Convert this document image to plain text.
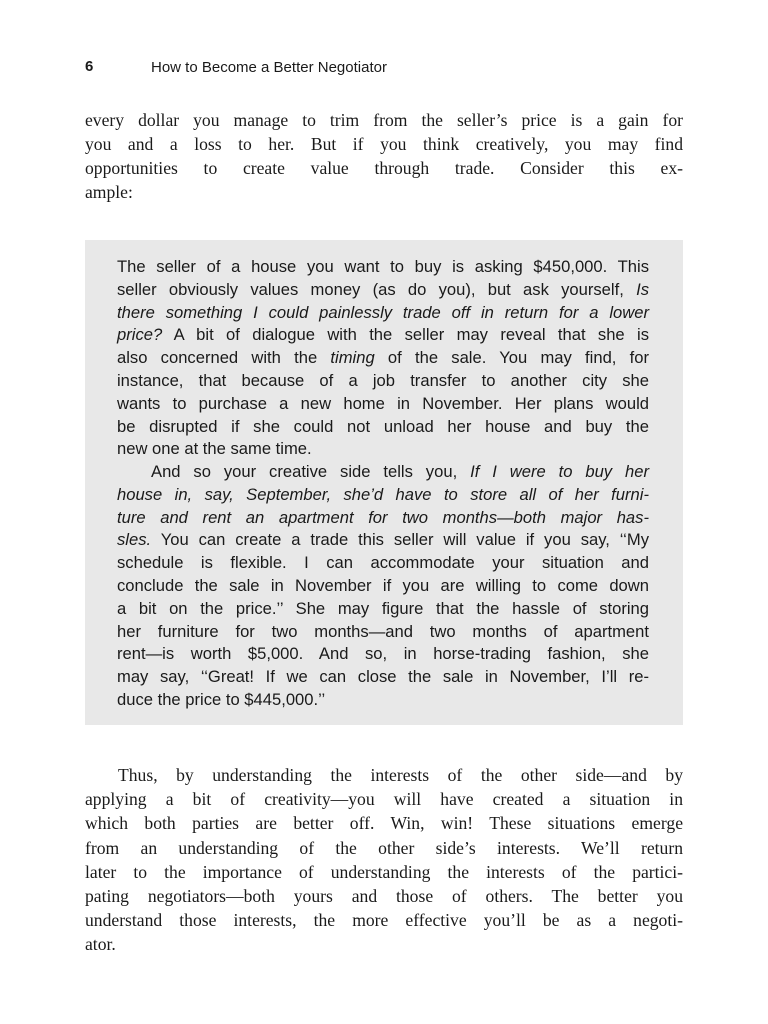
6	How to Become a Better Negotiator
every dollar you manage to trim from the seller’s price is a gain for
you and a loss to her. But if you think creatively, you may find
opportunities to create value through trade. Consider this ex-
ample:
The seller of a house you want to buy is asking $450,000. This
seller obviously values money (as do you), but ask yourself, Is
there something I could painlessly trade off in return for a lower
price? A bit of dialogue with the seller may reveal that she is
also concerned with the timing of the sale. You may find, for
instance, that because of a job transfer to another city she
wants to purchase a new home in November. Her plans would
be disrupted if she could not unload her house and buy the
new one at the same time.
And so your creative side tells you, If I were to buy her
house in, say, September, she’d have to store all of her furni-
ture and rent an apartment for two months—both major has-
sles. You can create a trade this seller will value if you say, ‘‘My
schedule is flexible. I can accommodate your situation and
conclude the sale in November if you are willing to come down
a bit on the price.’’ She may figure that the hassle of storing
her furniture for two months—and two months of apartment
rent—is worth $5,000. And so, in horse-trading fashion, she
may say, ‘‘Great! If we can close the sale in November, I’ll re-
duce the price to $445,000.’’
Thus, by understanding the interests of the other side—and by
applying a bit of creativity—you will have created a situation in
which both parties are better off. Win, win! These situations emerge
from an understanding of the other side’s interests. We’ll return
later to the importance of understanding the interests of the partici-
pating negotiators—both yours and those of others. The better you
understand those interests, the more effective you’ll be as a negoti-
ator.
